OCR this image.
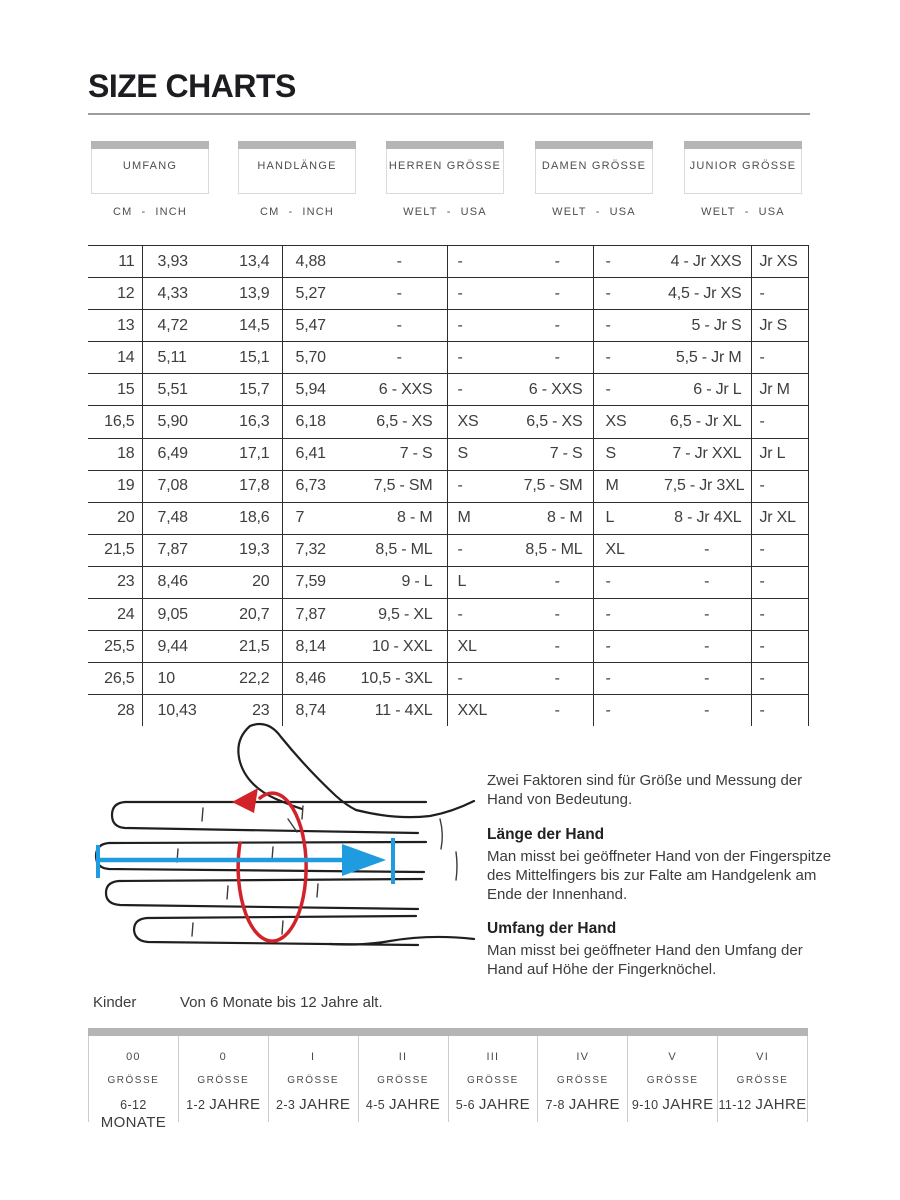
SIZE CHARTS
UMFANG	HANDLÄNGE	HERREN GRÖSSE	DAMEN GRÖSSE	JUNIOR GRÖSSE
CM - INCH	CM - INCH	WELT - USA	WELT - USA	WELT - USA
11	3,93	13,4	4,88	-	-	-	-	4 - Jr XXS	Jr XS
12	4,33	13,9	5,27	-	-	-	-	4,5 - Jr XS	-
13	4,72	14,5	5,47	-	-	-	-	5 - Jr S	Jr S
14	5,11	15,1	5,70	-	-	-	-	5,5 - Jr M	-
15	5,51	15,7	5,94	6 - XXS	-	6 - XXS	-	6 - Jr L	Jr M
16,5	5,90	16,3	6,18	6,5 - XS	XS	6,5 - XS	XS	6,5 - Jr XL	-
18	6,49	17,1	6,41	7 - S	S	7 - S	S	7 - Jr XXL	Jr L
19	7,08	17,8	6,73	7,5 - SM	-	7,5 - SM	M	7,5 - Jr 3XL	-
20	7,48	18,6	7	8 - M	M	8 - M	L	8 - Jr 4XL	Jr XL
21,5	7,87	19,3	7,32	8,5 - ML	-	8,5 - ML	XL	-	-
23	8,46	20	7,59	9 - L	L	-	-	-	-
24	9,05	20,7	7,87	9,5 - XL	-	-	-	-	-
25,5	9,44	21,5	8,14	10 - XXL	XL	-	-	-	-
26,5	10	22,2	8,46	10,5 - 3XL	-	-	-	-	-
28	10,43	23	8,74	11 - 4XL	XXL	-	-	-	-

Zwei Faktoren sind für Größe und Messung der Hand von Bedeutung.

Länge der Hand

Man misst bei geöffneter Hand von der Fingerspitze des Mittelfingers bis zur Falte am Handgelenk am Ende der Innenhand.

Umfang der Hand

Man misst bei geöffneter Hand den Umfang der Hand auf Höhe der Fingerknöchel.

Kinder	Von 6 Monate bis 12 Jahre alt.
00
GRÖSSE
6-12 MONATE
0
GRÖSSE
1-2 JAHRE
I
GRÖSSE
2-3 JAHRE
II
GRÖSSE
4-5 JAHRE
III
GRÖSSE
5-6 JAHRE
IV
GRÖSSE
7-8 JAHRE
V
GRÖSSE
9-10 JAHRE
VI
GRÖSSE
11-12 JAHRE
